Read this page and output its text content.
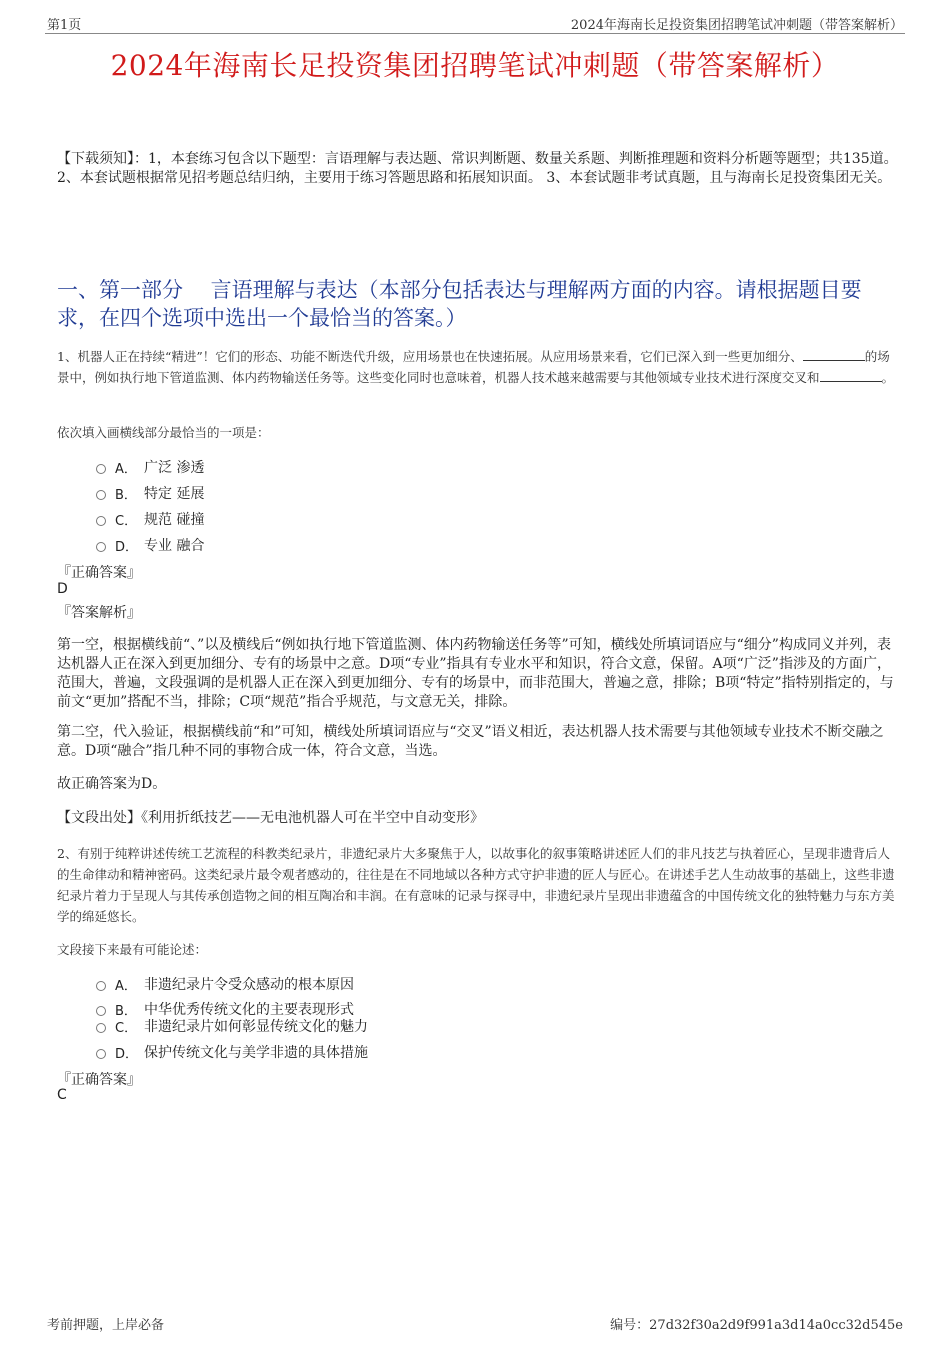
第1页	2024年海南长足投资集团招聘笔试冲刺题（带答案解析）
2024年海南长足投资集团招聘笔试冲刺题（带答案解析）
【下载须知】：1，本套练习包含以下题型：言语理解与表达题、常识判断题、数量关系题、判断推理题和资料分析题等题型；共135道。 2、本套试题根据常见招考题总结归纳，主要用于练习答题思路和拓展知识面。 3、本套试题非考试真题，且与海南长足投资集团无关。
一、第一部分　 言语理解与表达（本部分包括表达与理解两方面的内容。请根据题目要求，在四个选项中选出一个最恰当的答案。）
1、机器人正在持续“精进”！它们的形态、功能不断迭代升级，应用场景也在快速拓展。从应用场景来看，它们已深入到一些更加细分、	的场景中，例如执行地下管道监测、体内药物输送任务等。这些变化同时也意味着，机器人技术越来越需要与其他领域专业技术进行深度交叉和	。
依次填入画横线部分最恰当的一项是：
A． 广泛 渗透
B． 特定 延展
C． 规范 碰撞
D． 专业 融合
『正确答案』
D
『答案解析』
第一空，根据横线前“、”以及横线后“例如执行地下管道监测、体内药物输送任务等”可知，横线处所填词语应与“细分”构成同义并列，表达机器人正在深入到更加细分、专有的场景中之意。D项“专业”指具有专业水平和知识，符合文意，保留。A项“广泛”指涉及的方面广，范围大，普遍，文段强调的是机器人正在深入到更加细分、专有的场景中，而非范围大，普遍之意，排除；B项“特定”指特别指定的，与前文“更加”搭配不当，排除；C项“规范”指合乎规范，与文意无关，排除。
第二空，代入验证，根据横线前“和”可知，横线处所填词语应与“交叉”语义相近，表达机器人技术需要与其他领域专业技术不断交融之意。D项“融合”指几种不同的事物合成一体，符合文意，当选。
故正确答案为D。
【文段出处】《利用折纸技艺——无电池机器人可在半空中自动变形》
2、有别于纯粹讲述传统工艺流程的科教类纪录片，非遗纪录片大多聚焦于人，以故事化的叙事策略讲述匠人们的非凡技艺与执着匠心，呈现非遗背后人的生命律动和精神密码。这类纪录片最令观者感动的，往往是在不同地域以各种方式守护非遗的匠人与匠心。在讲述手艺人生动故事的基础上，这些非遗纪录片着力于呈现人与其传承创造物之间的相互陶冶和丰润。在有意味的记录与探寻中，非遗纪录片呈现出非遗蕴含的中国传统文化的独特魅力与东方美学的绵延悠长。
文段接下来最有可能论述：
A． 非遗纪录片令受众感动的根本原因
B． 中华优秀传统文化的主要表现形式
C． 非遗纪录片如何彰显传统文化的魅力
D． 保护传统文化与美学非遗的具体措施
『正确答案』
C
考前押题，上岸必备	编号：27d32f30a2d9f991a3d14a0cc32d545e
